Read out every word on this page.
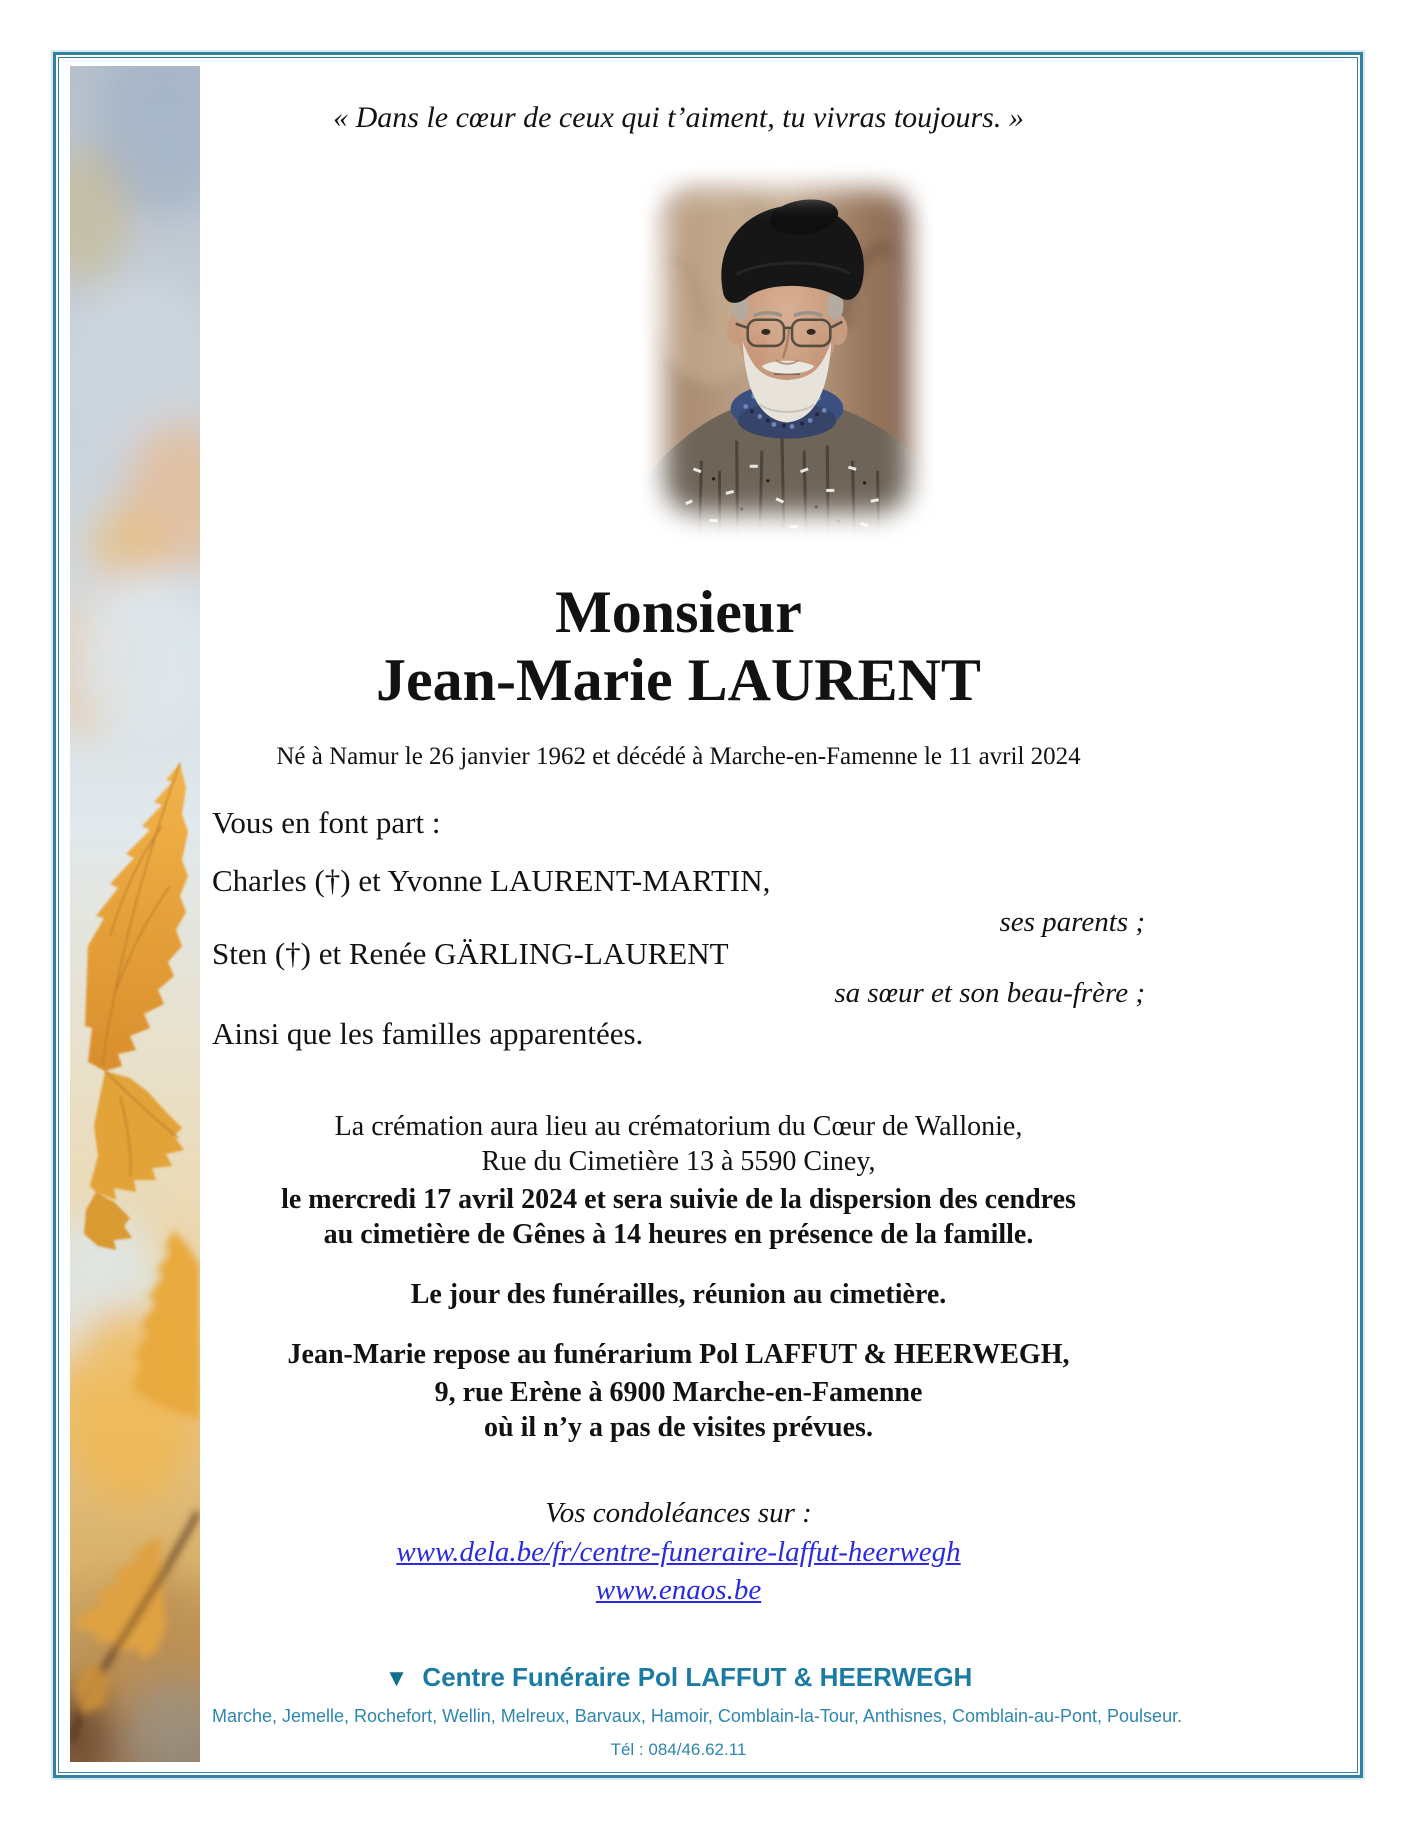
« Dans le cœur de ceux qui t’aiment, tu vivras toujours. »
Monsieur
Jean-Marie LAURENT
Né à Namur le 26 janvier 1962 et décédé à Marche-en-Famenne le 11 avril 2024
Vous en font part :
Charles (†) et Yvonne LAURENT-MARTIN,
ses parents ;
Sten (†) et Renée GÄRLING-LAURENT
sa sœur et son beau-frère ;
Ainsi que les familles apparentées.
La crémation aura lieu au crématorium du Cœur de Wallonie,
Rue du Cimetière 13 à 5590 Ciney,
le mercredi 17 avril 2024 et sera suivie de la dispersion des cendres
au cimetière de Gênes à 14 heures en présence de la famille.
Le jour des funérailles, réunion au cimetière.
Jean-Marie repose au funérarium Pol LAFFUT & HEERWEGH,
9, rue Erène à 6900 Marche-en-Famenne
où il n’y a pas de visites prévues.
Vos condoléances sur :
www.dela.be/fr/centre-funeraire-laffut-heerwegh
www.enaos.be
▼ Centre Funéraire Pol LAFFUT & HEERWEGH
Marche, Jemelle, Rochefort, Wellin, Melreux, Barvaux, Hamoir, Comblain-la-Tour, Anthisnes, Comblain-au-Pont, Poulseur.
Tél : 084/46.62.11
